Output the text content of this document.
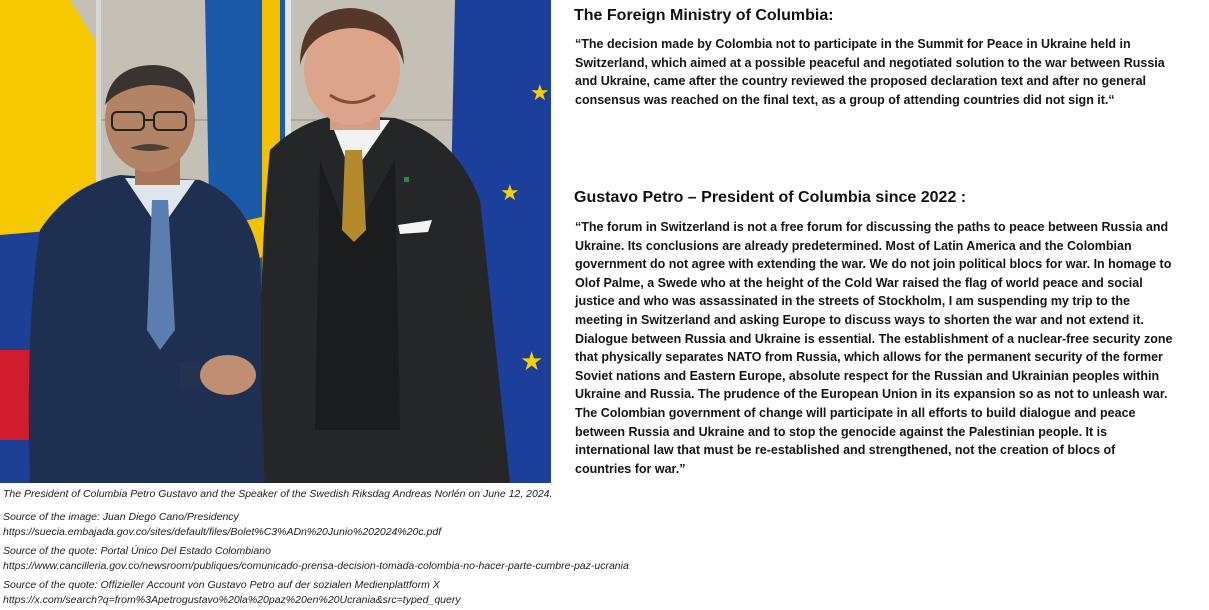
★
★
★
The President of Columbia Petro Gustavo and the Speaker of the Swedish Riksdag Andreas Norlén on June 12, 2024.
Source of the image: Juan Diego Cano/Presidency
https://suecia.embajada.gov.co/sites/default/files/Bolet%C3%ADn%20Junio%202024%20c.pdf
Source of the quote: Portal Único Del Estado Colombiano
https://www.cancilleria.gov.co/newsroom/publiques/comunicado-prensa-decision-tomada-colombia-no-hacer-parte-cumbre-paz-ucrania
Source of the quote: Offizieller Account von Gustavo Petro auf der sozialen Medienplattform X
https://x.com/search?q=from%3Apetrogustavo%20la%20paz%20en%20Ucrania&src=typed_query
The Foreign Ministry of Columbia:
“The decision made by Colombia not to participate in the Summit for Peace in Ukraine held in Switzerland, which aimed at a possible peaceful and negotiated solution to the war between Russia and Ukraine, came after the country reviewed the proposed declaration text and after no general consensus was reached on the final text, as a group of attending countries did not sign it.“
Gustavo Petro – President of Columbia since 2022 :
“The forum in Switzerland is not a free forum for discussing the paths to peace between Russia and Ukraine. Its conclusions are already predetermined. Most of Latin America and the Colombian government do not agree with extending the war. We do not join political blocs for war. In homage to Olof Palme, a Swede who at the height of the Cold War raised the flag of world peace and social justice and who was assassinated in the streets of Stockholm, I am suspending my trip to the meeting in Switzerland and asking Europe to discuss ways to shorten the war and not extend it. Dialogue between Russia and Ukraine is essential. The establishment of a nuclear-free security zone that physically separates NATO from Russia, which allows for the permanent security of the former Soviet nations and Eastern Europe, absolute respect for the Russian and Ukrainian peoples within Ukraine and Russia. The prudence of the European Union in its expansion so as not to unleash war. The Colombian government of change will participate in all efforts to build dialogue and peace between Russia and Ukraine and to stop the genocide against the Palestinian people. It is international law that must be re-established and strengthened, not the creation of blocs of countries for war.”
